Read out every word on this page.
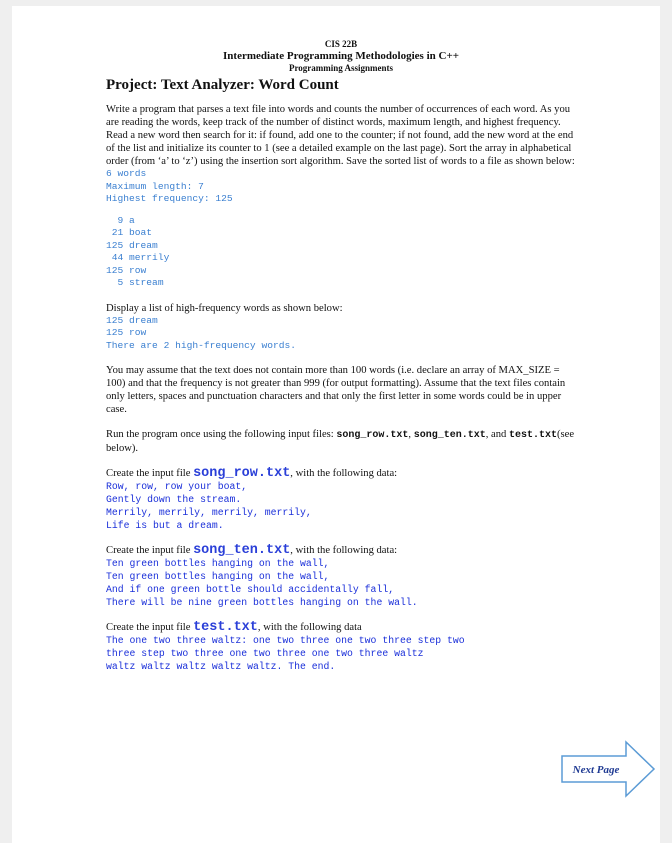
CIS 22B
Intermediate Programming Methodologies in C++
Programming Assignments
Project: Text Analyzer: Word Count

Write a program that parses a text file into words and counts the number of occurrences of each word. As you are reading the words, keep track of the number of distinct words, maximum length, and highest frequency. Read a new word then search for it: if found, add one to the counter; if not found, add the new word at the end of the list and initialize its counter to 1 (see a detailed example on the last page). Sort the array in alphabetical order (from ‘a’ to ‘z’) using the insertion sort algorithm. Save the sorted list of words to a file as shown below:

6 words
Maximum length: 7
Highest frequency: 125
9 a
21 boat
125 dream
44 merrily
125 row
5 stream

Display a list of high-frequency words as shown below:

125 dream
125 row
There are 2 high-frequency words.

You may assume that the text does not contain more than 100 words (i.e. declare an array of MAX_SIZE = 100) and that the frequency is not greater than 999 (for output formatting). Assume that the text files contain only letters, spaces and punctuation characters and that only the first letter in some words could be in upper case.

Run the program once using the following input files: song_row.txt, song_ten.txt, and test.txt(see below).

Create the input file song_row.txt, with the following data:

Row, row, row your boat,
Gently down the stream.
Merrily, merrily, merrily, merrily,
Life is but a dream.

Create the input file song_ten.txt, with the following data:

Ten green bottles hanging on the wall,
Ten green bottles hanging on the wall,
And if one green bottle should accidentally fall,
There will be nine green bottles hanging on the wall.

Create the input file test.txt, with the following data

The one two three waltz: one two three one two three step two
three step two three one two three one two three waltz
waltz waltz waltz waltz waltz. The end.
Next Page
